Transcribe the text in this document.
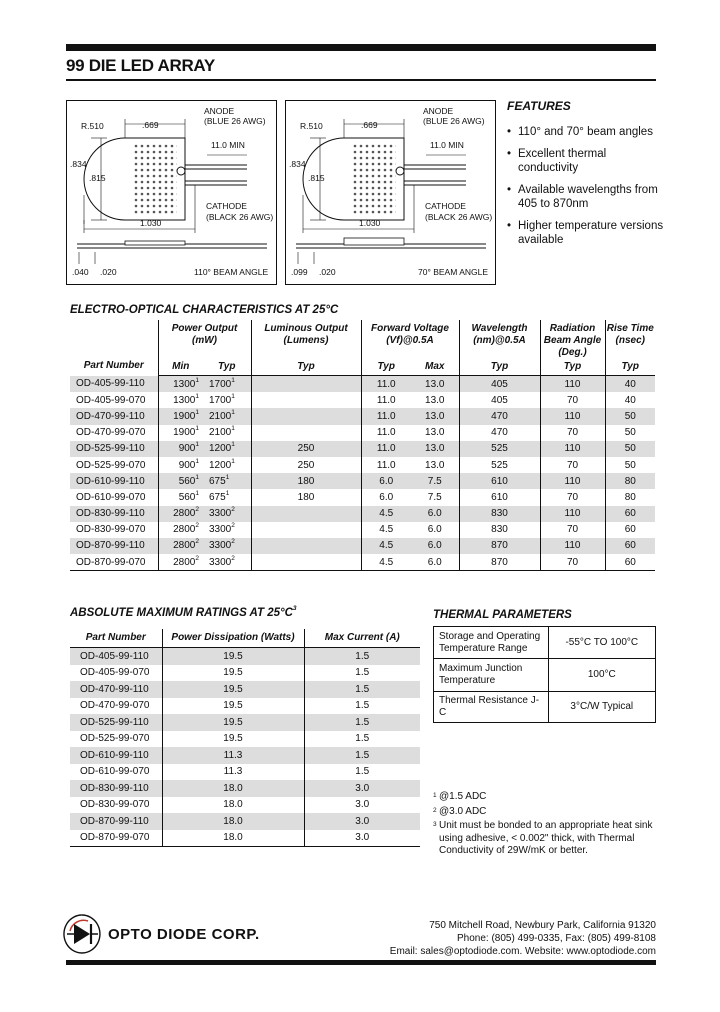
99 DIE LED ARRAY
R.510	.669
ANODE
(BLUE 26 AWG)
11.0 MIN
.834
.815
CATHODE
(BLACK 26 AWG)
1.030
.040 .020	110° BEAM ANGLE
R.510	.669
ANODE
(BLUE 26 AWG)
11.0 MIN
.834
.815
CATHODE
(BLACK 26 AWG)
1.030
.099 .020	70° BEAM ANGLE
FEATURES
• 110° and 70° beam angles
• Excellent thermal conductivity
• Available wavelengths from 405 to 870nm
• Higher temperature versions available
ELECTRO-OPTICAL CHARACTERISTICS AT 25°C
Part Number	Power Output (mW)		Luminous Output (Lumens)	Forward Voltage (Vf)@0.5A		Wavelength (nm)@0.5A	Radiation Beam Angle (Deg.)	Rise Time (nsec)
	Min	Typ	Typ	Typ	Max	Typ	Typ	Typ
OD-405-99-110	1300$^1$	1700$^1$		11.0	13.0	405	110	40
OD-405-99-070	1300$^1$	1700$^1$		11.0	13.0	405	70	40
OD-470-99-110	1900$^1$	2100$^1$		11.0	13.0	470	110	50
OD-470-99-070	1900$^1$	2100$^1$		11.0	13.0	470	70	50
OD-525-99-110	$900^1$	1200$^1$	250	11.0	13.0	525	110	50
OD-525-99-070	$900^1$	1200$^1$	250	11.0	13.0	525	70	50
OD-610-99-110	$560^1$	$675^1$	180	6.0	7.5	610	110	80
OD-610-99-070	$560^1$	$675^1$	180	6.0	7.5	610	70	80
OD-830-99-110	2800$^2$	3300$^2$		4.5	6.0	830	110	60
OD-830-99-070	2800$^2$	3300$^2$		4.5	6.0	830	70	60
OD-870-99-110	2800$^2$	3300$^2$		4.5	6.0	870	110	60
OD-870-99-070	2800$^2$	3300$^2$		4.5	6.0	870	70	60
ABSOLUTE MAXIMUM RATINGS AT $25^\circ C^3$
Part Number	Power Dissipation (Watts)	Max Current (A)
OD-405-99-110	19.5	1.5
OD-405-99-070	19.5	1.5
OD-470-99-110	19.5	1.5
OD-470-99-070	19.5	1.5
OD-525-99-110	19.5	1.5
OD-525-99-070	19.5	1.5
OD-610-99-110	11.3	1.5
OD-610-99-070	11.3	1.5
OD-830-99-110	18.0	3.0
OD-830-99-070	18.0	3.0
OD-870-99-110	18.0	3.0
OD-870-99-070	18.0	3.0
THERMAL PARAMETERS
Storage and Operating Temperature Range	-55°C TO 100°C
Maximum Junction Temperature	100°C
Thermal Resistance J-C	3°C/W Typical
1 @1.5 ADC
2 @3.0 ADC
3 Unit must be bonded to an appropriate heat sink using adhesive, < 0.002" thick, with Thermal Conductivity of 29W/mK or better.
OPTO DIODE CORP.
750 Mitchell Road, Newbury Park, California 91320
Phone: (805) 499-0335, Fax: (805) 499-8108
Email: sales@optodiode.com. Website: www.optodiode.com
